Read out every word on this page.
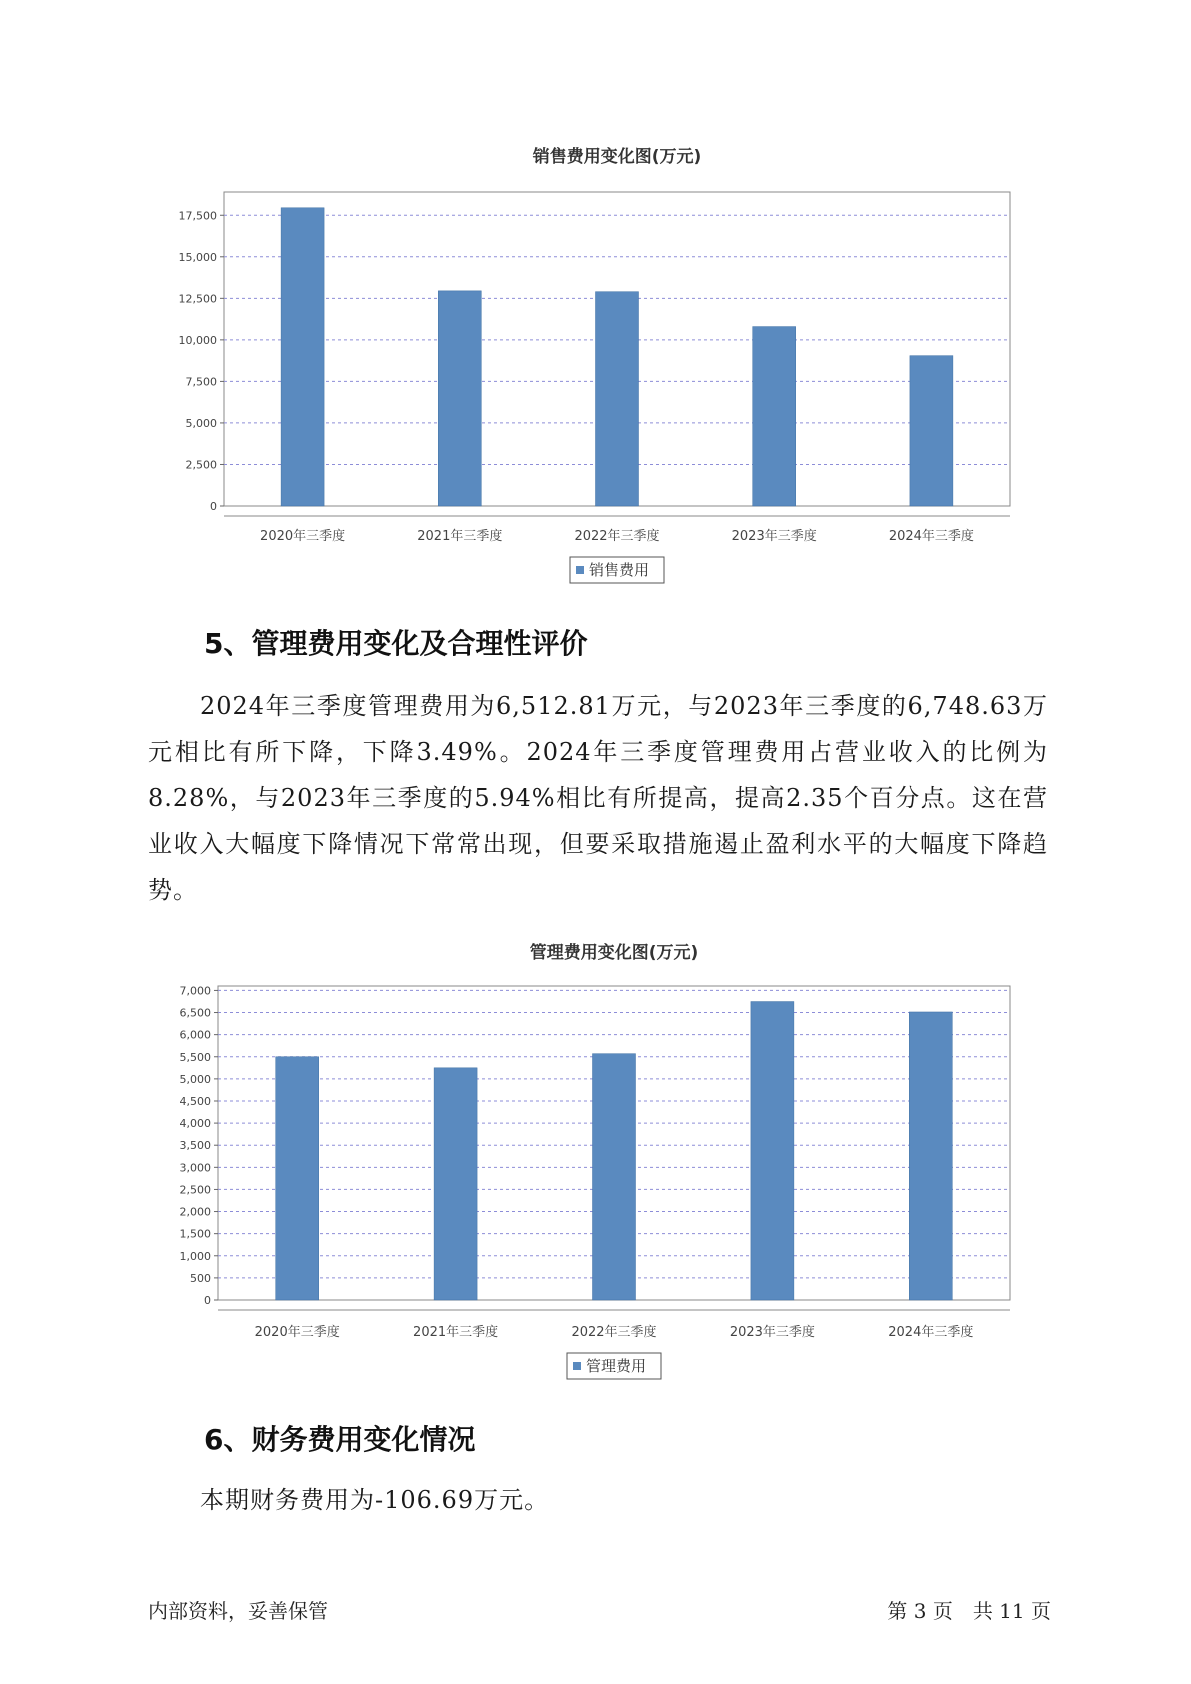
销售费用变化图(万元)
0
2,500
5,000
7,500
10,000
12,500
15,000
17,500
2020年三季度	2021年三季度	2022年三季度	2023年三季度	2024年三季度
销售费用
5、管理费用变化及合理性评价

2024年三季度管理费用为6,512.81万元，与2023年三季度的6,748.63万元相比有所下降，下降3.49%。2024年三季度管理费用占营业收入的比例为8.28%，与2023年三季度的5.94%相比有所提高，提高2.35个百分点。这在营业收入大幅度下降情况下常常出现，但要采取措施遏止盈利水平的大幅度下降趋势。

管理费用变化图(万元)
0
500
1,000
1,500
2,000
2,500
3,000
3,500
4,000
4,500
5,000
5,500
6,000
6,500
7,000
2020年三季度	2021年三季度	2022年三季度	2023年三季度	2024年三季度
管理费用
6、财务费用变化情况

本期财务费用为-106.69万元。

内部资料，妥善保管	第 3 页　共 11 页
